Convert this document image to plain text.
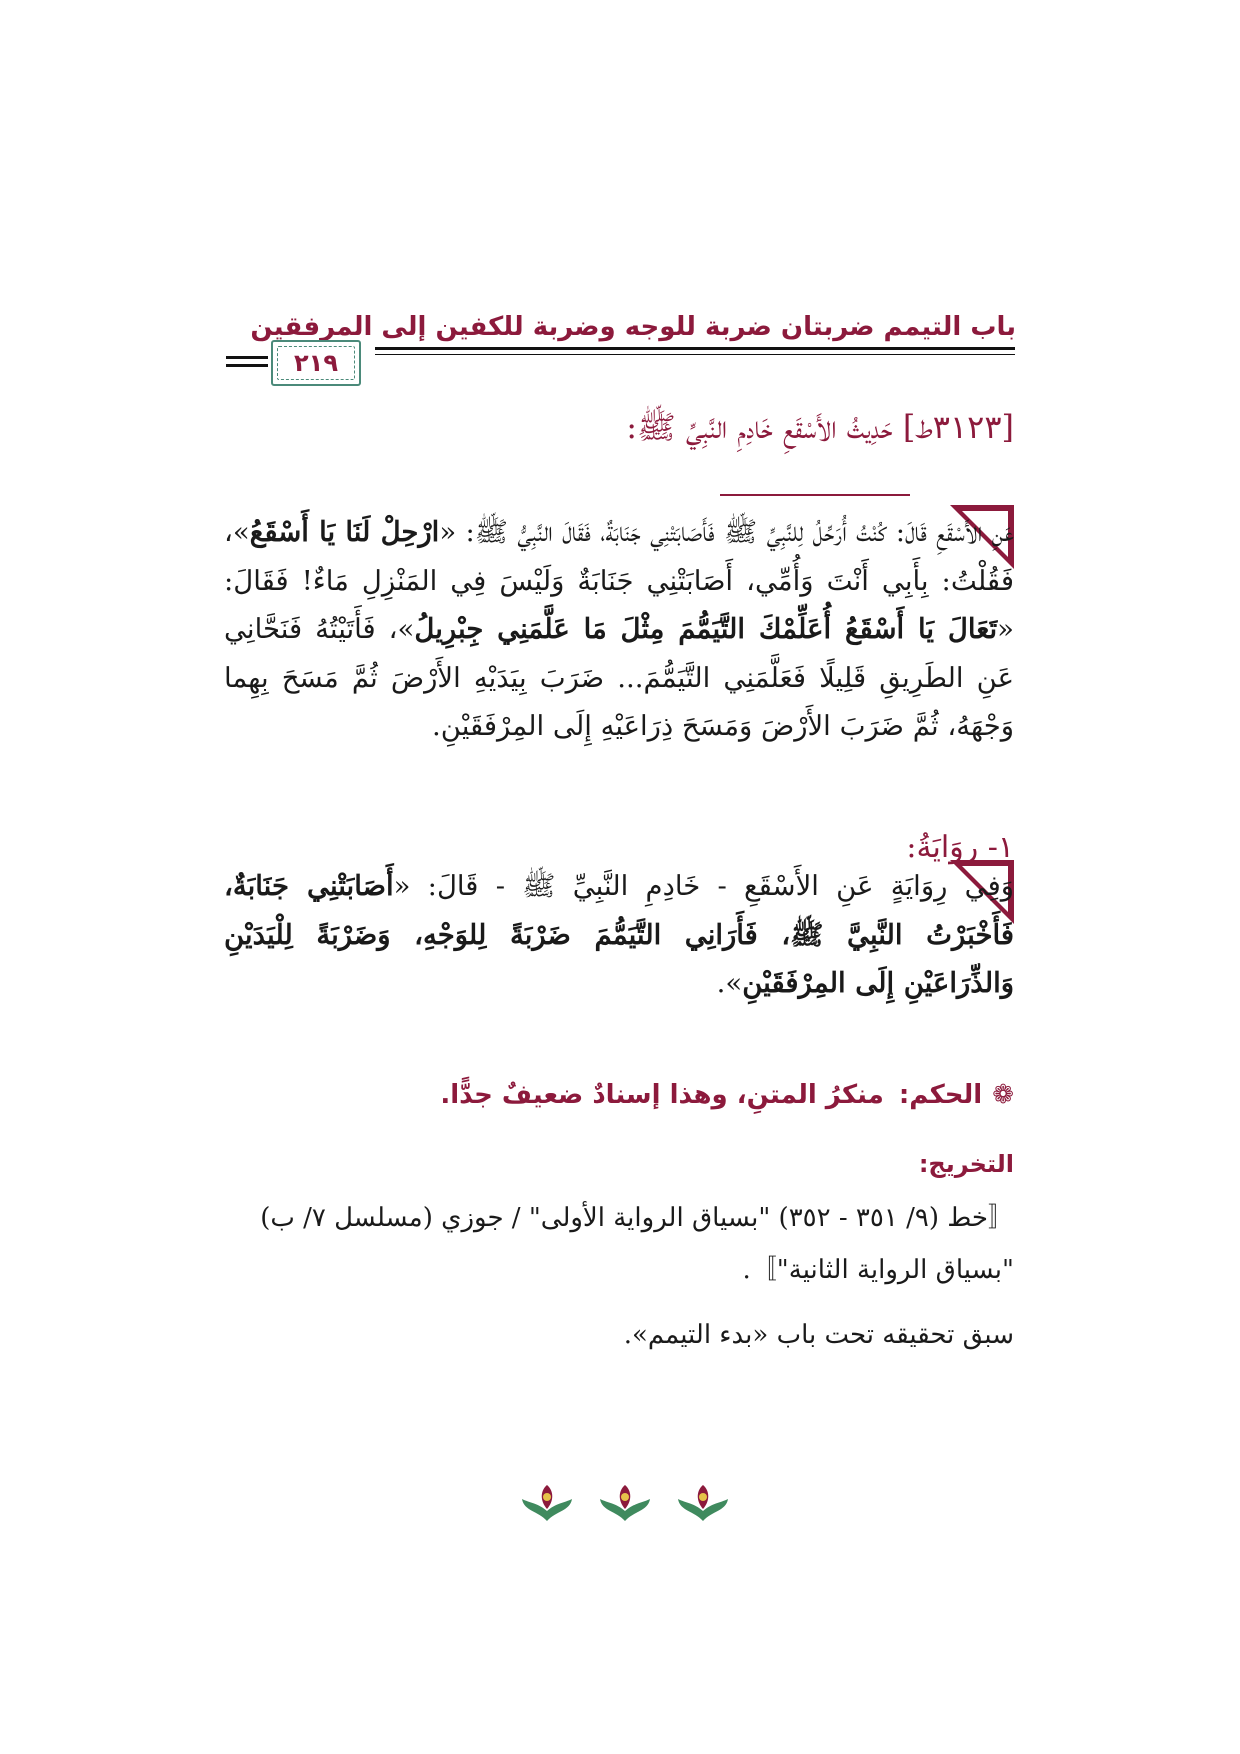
باب التيمم ضربتان ضربة للوجه وضربة للكفين إلى المرفقين
٢١٩
[٣١٢٣ط] حَدِيثُ الأَسْقَعِ خَادِمِ النَّبِيِّ ﷺ:

عَنِ الأَسْقَعِ قَالَ: كُنْتُ أُرَحِّلُ لِلنَّبِيِّ ﷺ فَأَصَابَتْنِي جَنَابَةٌ، فَقَالَ النَّبِيُّ ﷺ: «ارْحِلْ لَنَا يَا أَسْقَعُ»، فَقُلْتُ: بِأَبِي أَنْتَ وَأُمِّي، أَصَابَتْنِي جَنَابَةٌ وَلَيْسَ فِي المَنْزِلِ مَاءٌ! فَقَالَ: «تَعَالَ يَا أَسْقَعُ أُعَلِّمْكَ التَّيَمُّمَ مِثْلَ مَا عَلَّمَنِي جِبْرِيلُ»، فَأَتَيْتُهُ فَنَحَّانِي عَنِ الطَرِيقِ قَلِيلًا فَعَلَّمَنِي التَّيَمُّمَ... ضَرَبَ بِيَدَيْهِ الأَرْضَ ثُمَّ مَسَحَ بِهِما وَجْهَهُ، ثُمَّ ضَرَبَ الأَرْضَ وَمَسَحَ ذِرَاعَيْهِ إِلَى المِرْفَقَيْنِ.

١- رِوَايَةُ:

وَفِي رِوَايَةٍ عَنِ الأَسْقَعِ - خَادِمِ النَّبِيِّ ﷺ - قَالَ: «أَصَابَتْنِي جَنَابَةٌ، فَأَخْبَرْتُ النَّبِيَّ ﷺ، فَأَرَانِي التَّيَمُّمَ ضَرْبَةً لِلوَجْهِ، وَضَرْبَةً لِلْيَدَيْنِ وَالذِّرَاعَيْنِ إِلَى المِرْفَقَيْنِ».

❁الحكم: منكرُ المتنِ، وهذا إسنادٌ ضعيفٌ جدًّا.
التخريج:
〚خط (٩/ ٣٥١ - ٣٥٢) "بسياق الرواية الأولى" / جوزي (مسلسل ٧/ ب) "بسياق الرواية الثانية"〛.
سبق تحقيقه تحت باب «بدء التيمم».
